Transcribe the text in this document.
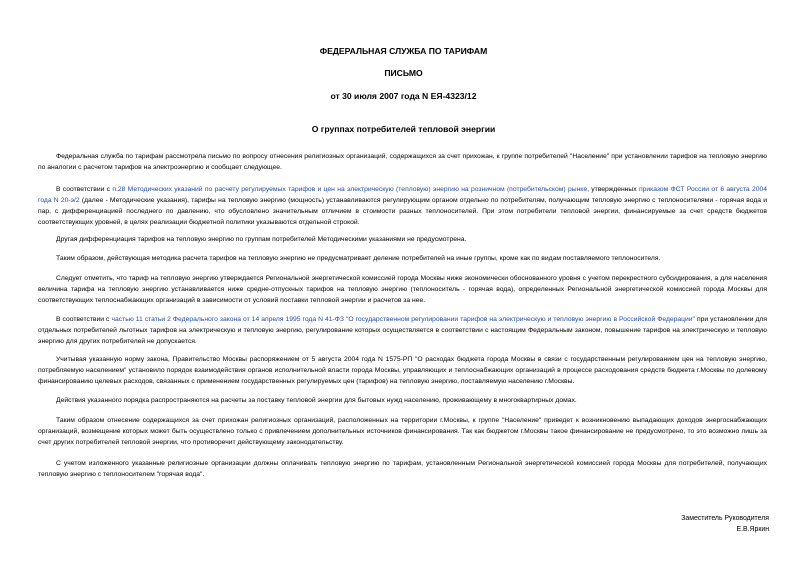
ФЕДЕРАЛЬНАЯ СЛУЖБА ПО ТАРИФАМ
ПИСЬМО
от 30 июля 2007 года N ЕЯ-4323/12
О группах потребителей тепловой энергии

Федеральная служба по тарифам рассмотрела письмо по вопросу отнесения религиозных организаций, содержащихся за счет прихожан, к группе потребителей "Население" при установлении тарифов на тепловую энергию по аналогии с расчетом тарифов на электроэнергию и сообщает следующее.

В соответствии с п.28 Методических указаний по расчету регулируемых тарифов и цен на электрическую (тепловую) энергию на розничном (потребительском) рынке, утвержденных приказом ФСТ России от 6 августа 2004 года N 20-э/2 (далее - Методические указания), тарифы на тепловую энергию (мощность) устанавливаются регулирующим органом отдельно по потребителям, получающим тепловую энергию с теплоносителями - горячая вода и пар, с дифференциацией последнего по давлению, что обусловлено значительным отличием в стоимости разных теплоносителей. При этом потребители тепловой энергии, финансируемые за счет средств бюджетов соответствующих уровней, в целях реализации бюджетной политики указываются отдельной строкой.

Другая дифференциация тарифов на тепловую энергию по группам потребителей Методическими указаниями не предусмотрена.

Таким образом, действующая методика расчета тарифов на тепловую энергию не предусматривает деление потребителей на иные группы, кроме как по видам поставляемого теплоносителя.

Следует отметить, что тариф на тепловую энергию утверждается Региональной энергетической комиссией города Москвы ниже экономически обоснованного уровня с учетом перекрестного субсидирования, а для населения величина тарифа на тепловую энергию устанавливается ниже средне-отпускных тарифов на тепловую энергию (теплоноситель - горячая вода), определенных Региональной энергетической комиссией города Москвы для соответствующих теплоснабжающих организаций в зависимости от условий поставки тепловой энергии и расчетов за нее.

В соответствии с частью 11 статьи 2 Федерального закона от 14 апреля 1995 года N 41-ФЗ "О государственном регулировании тарифов на электрическую и тепловую энергию в Российской Федерации" при установлении для отдельных потребителей льготных тарифов на электрическую и тепловую энергию, регулирование которых осуществляется в соответствии с настоящим Федеральным законом, повышение тарифов на электрическую и тепловую энергию для других потребителей не допускается.

Учитывая указанную норму закона, Правительство Москвы распоряжением от 5 августа 2004 года N 1575-РП "О расходах бюджета города Москвы в связи с государственным регулированием цен на тепловую энергию, потребляемую населением" установило порядок взаимодействия органов исполнительной власти города Москвы, управляющих и теплоснабжающих организаций в процессе расходования средств бюджета г.Москвы по долевому финансированию целевых расходов, связанных с применением государственных регулируемых цен (тарифов) на тепловую энергию, поставляемую населению г.Москвы.

Действия указанного порядка распространяются на расчеты за поставку тепловой энергии для бытовых нужд населению, проживающему в многоквартирных домах.

Таким образом отнесение содержащихся за счет прихожан религиозных организаций, расположенных на территории г.Москвы, к группе "Население" приведет к возникновению выпадающих доходов энергоснабжающих организаций, возмещение которых может быть осуществлено только с привлечением дополнительных источников финансирования. Так как бюджетом г.Москвы такое финансирование не предусмотрено, то это возможно лишь за счет других потребителей тепловой энергии, что противоречит действующему законодательству.

С учетом изложенного указанные религиозные организации должны оплачивать тепловую энергию по тарифам, установленным Региональной энергетической комиссией города Москвы для потребителей, получающих тепловую энергию с теплоносителем "горячая вода".

Заместитель Руководителя
Е.В.Яркин
